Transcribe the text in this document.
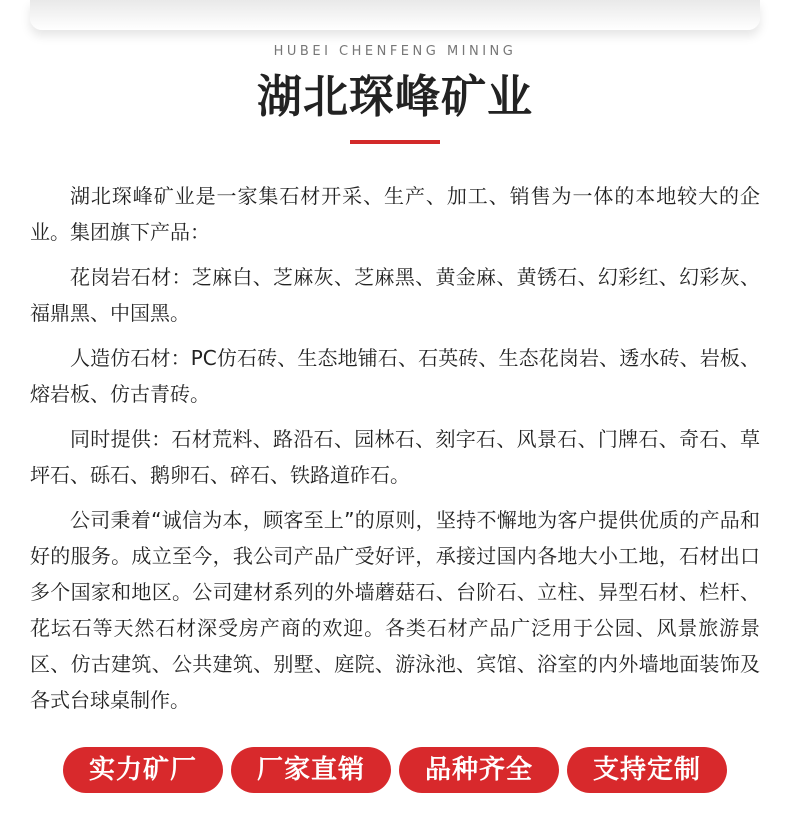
HUBEI CHENFENG MINING
湖北琛峰矿业

湖北琛峰矿业是一家集石材开采、生产、加工、销售为一体的本地较大的企业。集团旗下产品：

花岗岩石材：芝麻白、芝麻灰、芝麻黑、黄金麻、黄锈石、幻彩红、幻彩灰、福鼎黑、中国黑。

人造仿石材：PC仿石砖、生态地铺石、石英砖、生态花岗岩、透水砖、岩板、熔岩板、仿古青砖。

同时提供：石材荒料、路沿石、园林石、刻字石、风景石、门牌石、奇石、草坪石、砾石、鹅卵石、碎石、铁路道砟石。

公司秉着“诚信为本，顾客至上”的原则，坚持不懈地为客户提供优质的产品和好的服务。成立至今，我公司产品广受好评，承接过国内各地大小工地，石材出口多个国家和地区。公司建材系列的外墙蘑菇石、台阶石、立柱、异型石材、栏杆、花坛石等天然石材深受房产商的欢迎。各类石材产品广泛用于公园、风景旅游景区、仿古建筑、公共建筑、别墅、庭院、游泳池、宾馆、浴室的内外墙地面装饰及各式台球桌制作。

实力矿厂	厂家直销	品种齐全	支持定制
